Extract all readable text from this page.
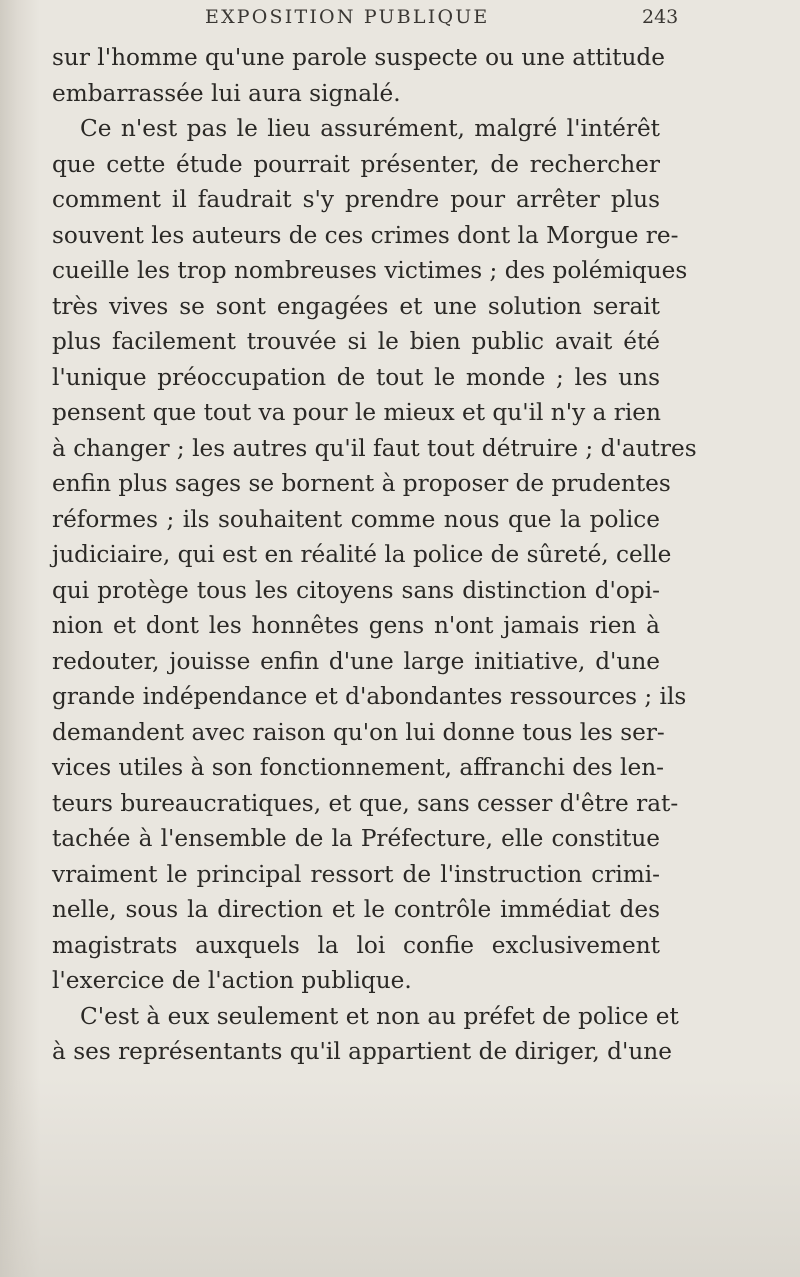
EXPOSITION PUBLIQUE	243
sur l'homme qu'une parole suspecte ou une attitude
embarrassée lui aura signalé.
Ce n'est pas le lieu assurément, malgré l'intérêt
que cette étude pourrait présenter, de rechercher
comment il faudrait s'y prendre pour arrêter plus
souvent les auteurs de ces crimes dont la Morgue re-
cueille les trop nombreuses victimes ; des polémiques
très vives se sont engagées et une solution serait
plus facilement trouvée si le bien public avait été
l'unique préoccupation de tout le monde ; les uns
pensent que tout va pour le mieux et qu'il n'y a rien
à changer ; les autres qu'il faut tout détruire ; d'autres
enfin plus sages se bornent à proposer de prudentes
réformes ; ils souhaitent comme nous que la police
judiciaire, qui est en réalité la police de sûreté, celle
qui protège tous les citoyens sans distinction d'opi-
nion et dont les honnêtes gens n'ont jamais rien à
redouter, jouisse enfin d'une large initiative, d'une
grande indépendance et d'abondantes ressources ; ils
demandent avec raison qu'on lui donne tous les ser-
vices utiles à son fonctionnement, affranchi des len-
teurs bureaucratiques, et que, sans cesser d'être rat-
tachée à l'ensemble de la Préfecture, elle constitue
vraiment le principal ressort de l'instruction crimi-
nelle, sous la direction et le contrôle immédiat des
magistrats auxquels la loi confie exclusivement
l'exercice de l'action publique.
C'est à eux seulement et non au préfet de police et
à ses représentants qu'il appartient de diriger, d'une
